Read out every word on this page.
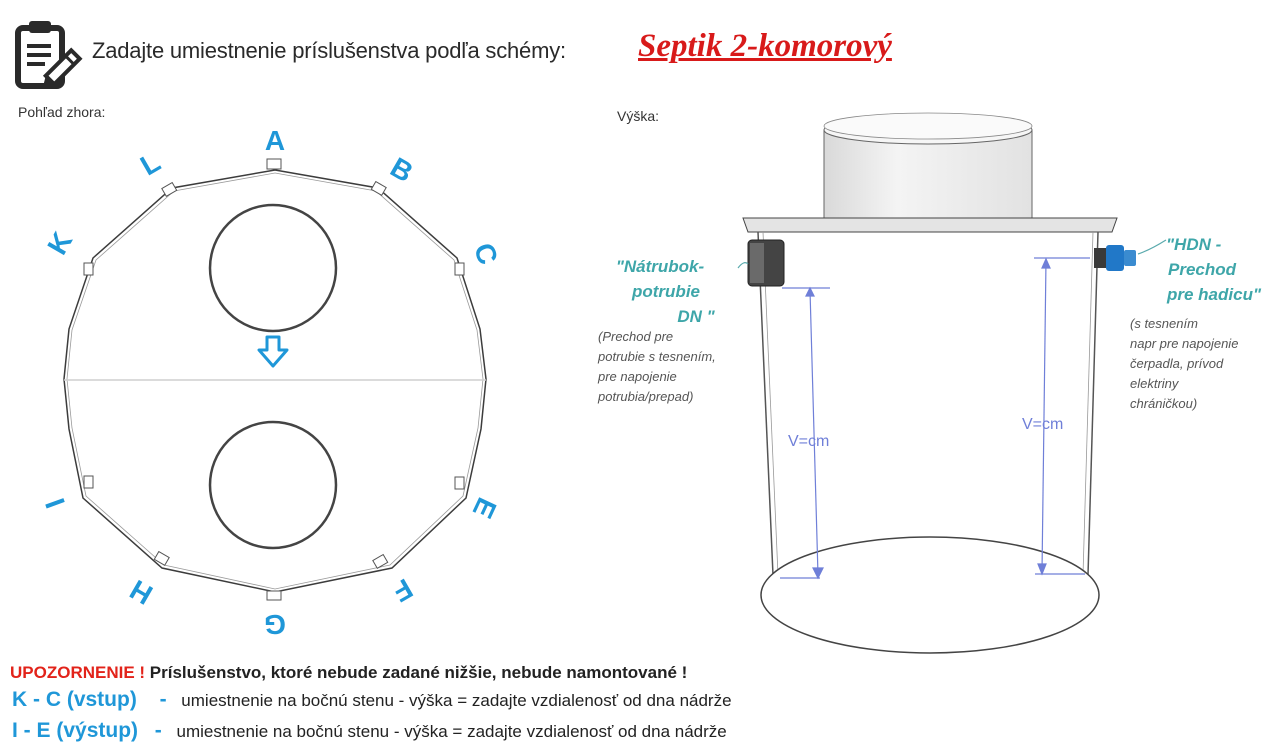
Zadajte umiestnenie príslušenstva podľa schémy: Septik 2-komorový
Pohľad zhora:	Výška:
A
B
C
E
F
G
H
I
K
L
V=cm
V=cm
"Nátrubok-
potrubie
DN "
(Prechod pre
potrubie s tesnením,
pre napojenie
potrubia/prepad)
"HDN -
Prechod
pre hadicu"
(s tesnením
napr pre napojenie
čerpadla, prívod
elektriny
chráničkou)
UPOZORNENIE ! Príslušenstvo, ktoré nebude zadané nižšie, nebude namontované !
K - C (vstup) - umiestnenie na bočnú stenu - výška = zadajte vzdialenosť od dna nádrže
I - E (výstup) - umiestnenie na bočnú stenu - výška = zadajte vzdialenosť od dna nádrže
